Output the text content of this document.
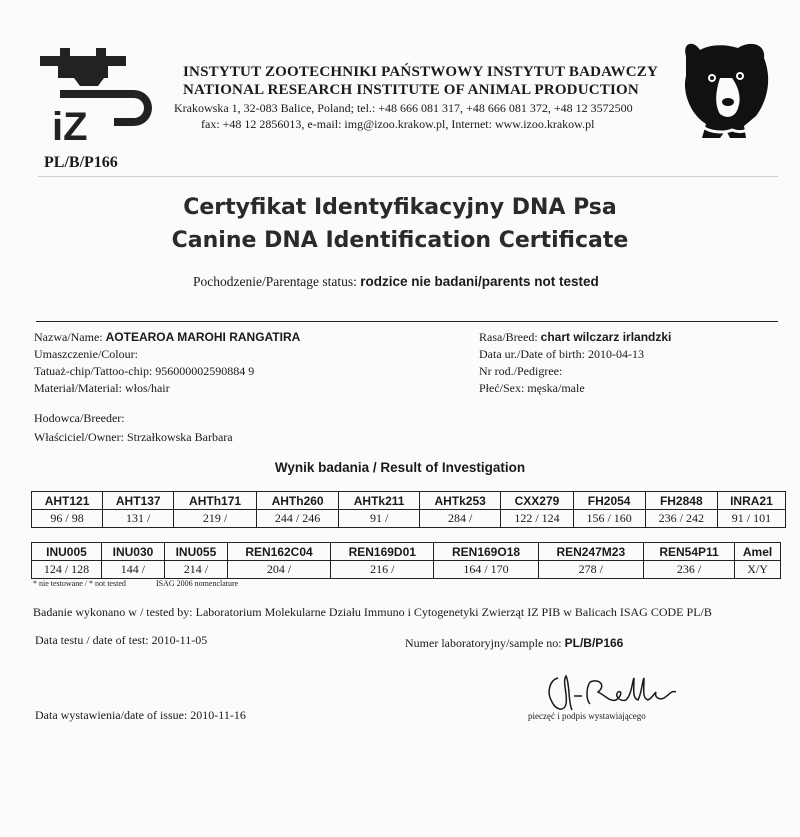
iZ
INSTYTUT ZOOTECHNIKI PAŃSTWOWY INSTYTUT BADAWCZY
NATIONAL RESEARCH INSTITUTE OF ANIMAL PRODUCTION
Krakowska 1, 32-083 Balice, Poland; tel.: +48 666 081 317, +48 666 081 372, +48 12 3572500
fax: +48 12 2856013, e-mail: img@izoo.krakow.pl, Internet: www.izoo.krakow.pl
PL/B/P166
Certyfikat Identyfikacyjny DNA Psa
Canine DNA Identification Certificate
Pochodzenie/Parentage status: rodzice nie badani/parents not tested
Nazwa/Name: AOTEAROA MAROHI RANGATIRA
Umaszczenie/Colour:
Tatuaż-chip/Tattoo-chip: 956000002590884 9
Materiał/Material: włos/hair
Hodowca/Breeder:
Właściciel/Owner: Strzałkowska Barbara
Rasa/Breed: chart wilczarz irlandzki
Data ur./Date of birth: 2010-04-13
Nr rod./Pedigree:
Płeć/Sex: męska/male
Wynik badania / Result of Investigation
AHT121	AHT137	AHTh171	AHTh260	AHTk211	AHTk253	CXX279	FH2054	FH2848	INRA21
96 / 98	131 /	219 /	244 / 246	91 /	284 /	122 / 124	156 / 160	236 / 242	91 / 101
INU005	INU030	INU055	REN162C04	REN169D01	REN169O18	REN247M23	REN54P11	Amel
124 / 128	144 /	214 /	204 /	216 /	164 / 170	278 /	236 /	X/Y
* nie testowane / * not tested	ISAG 2006 nomenclature
Badanie wykonano w / tested by: Laboratorium Molekularne Działu Immuno i Cytogenetyki Zwierząt IZ PIB w Balicach ISAG CODE PL/B
Data testu / date of test: 2010-11-05	Numer laboratoryjny/sample no: PL/B/P166
Data wystawienia/date of issue: 2010-11-16	pieczęć i podpis wystawiającego
